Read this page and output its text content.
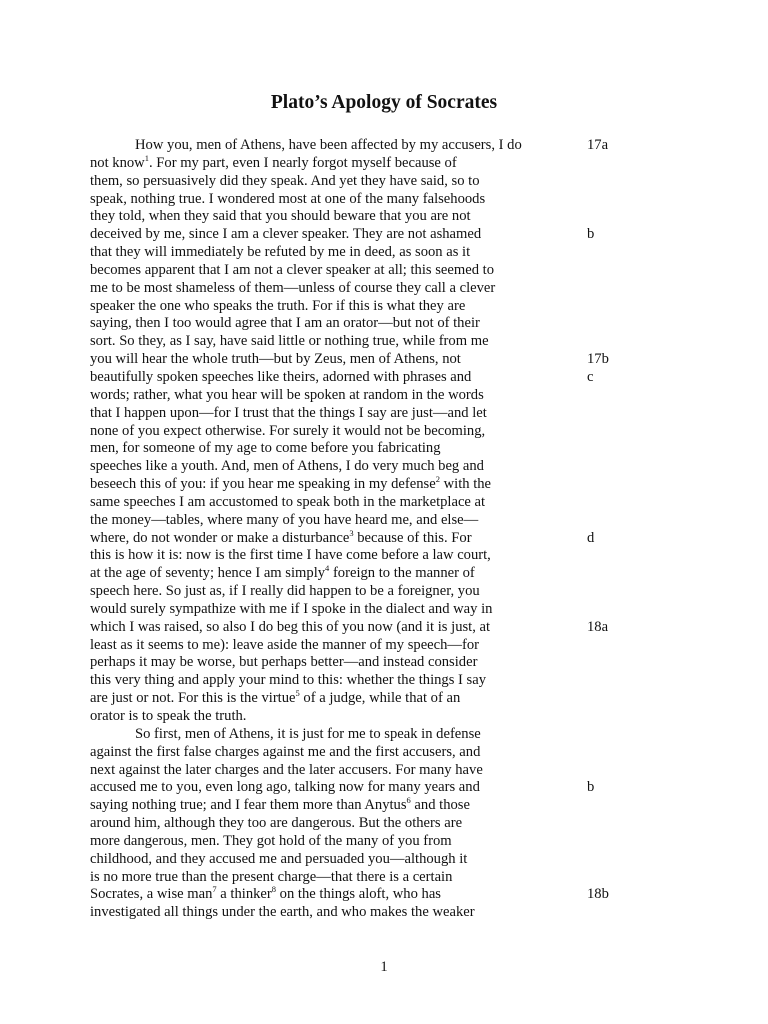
Plato’s Apology of Socrates
How you, men of Athens, have been affected by my accusers, I do	17a
not know$^1$. For my part, even I nearly forgot myself because of
them, so persuasively did they speak. And yet they have said, so to
speak, nothing true. I wondered most at one of the many falsehoods
they told, when they said that you should beware that you are not
deceived by me, since I am a clever speaker. They are not ashamed	b
that they will immediately be refuted by me in deed, as soon as it
becomes apparent that I am not a clever speaker at all; this seemed to
me to be most shameless of them—unless of course they call a clever
speaker the one who speaks the truth. For if this is what they are
saying, then I too would agree that I am an orator—but not of their
sort. So they, as I say, have said little or nothing true, while from me
you will hear the whole truth—but by Zeus, men of Athens, not	17b
beautifully spoken speeches like theirs, adorned with phrases and	c
words; rather, what you hear will be spoken at random in the words
that I happen upon—for I trust that the things I say are just—and let
none of you expect otherwise. For surely it would not be becoming,
men, for someone of my age to come before you fabricating
speeches like a youth. And, men of Athens, I do very much beg and
beseech this of you: if you hear me speaking in my defense$^2$ with the
same speeches I am accustomed to speak both in the marketplace at
the money—tables, where many of you have heard me, and else—
where, do not wonder or make a disturbance$^3$ because of this. For	d
this is how it is: now is the first time I have come before a law court,
at the age of seventy; hence I am simply$^4$ foreign to the manner of
speech here. So just as, if I really did happen to be a foreigner, you
would surely sympathize with me if I spoke in the dialect and way in
which I was raised, so also I do beg this of you now (and it is just, at	18a
least as it seems to me): leave aside the manner of my speech—for
perhaps it may be worse, but perhaps better—and instead consider
this very thing and apply your mind to this: whether the things I say
are just or not. For this is the virtue$^5$ of a judge, while that of an
orator is to speak the truth.
So first, men of Athens, it is just for me to speak in defense
against the first false charges against me and the first accusers, and
next against the later charges and the later accusers. For many have
accused me to you, even long ago, talking now for many years and	b
saying nothing true; and I fear them more than Anytus$^6$ and those
around him, although they too are dangerous. But the others are
more dangerous, men. They got hold of the many of you from
childhood, and they accused me and persuaded you—although it
is no more true than the present charge—that there is a certain
Socrates, a wise man$^7$ a thinker$^8$ on the things aloft, who has	18b
investigated all things under the earth, and who makes the weaker
1
